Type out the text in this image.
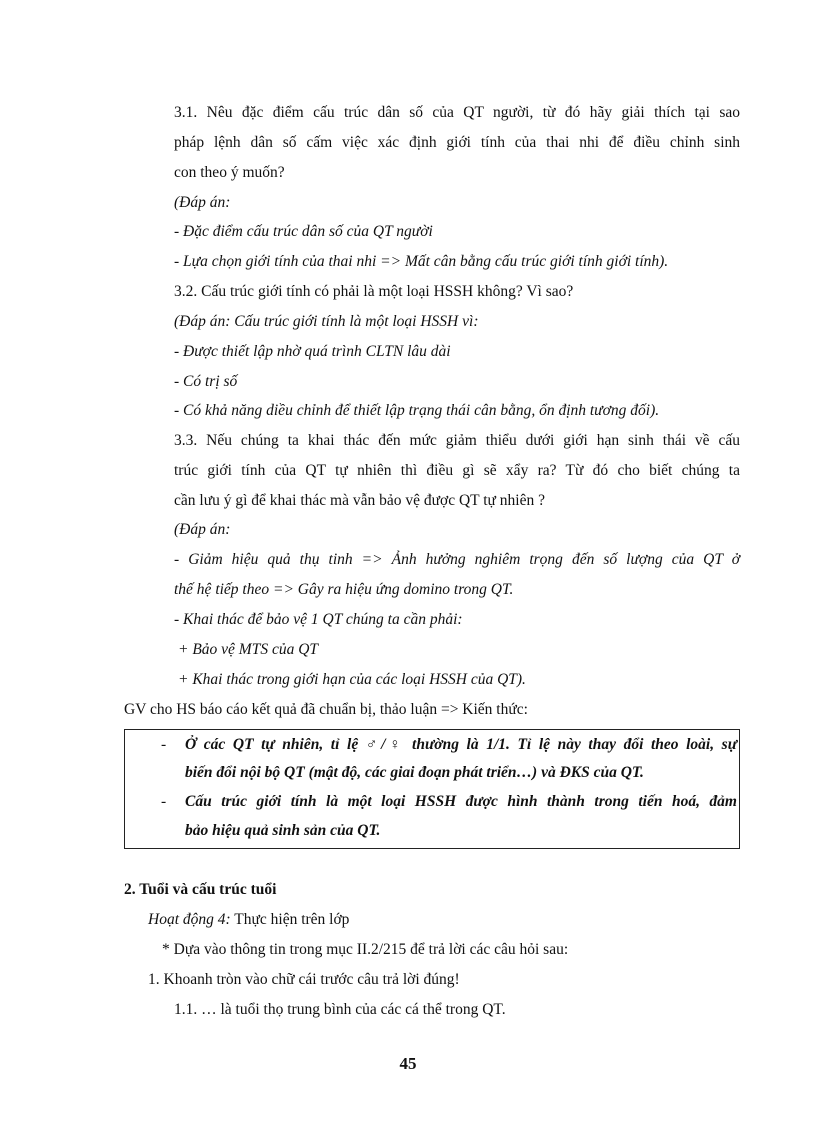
3.1. Nêu đặc điểm cấu trúc dân số của QT người, từ đó hãy giải thích tại sao
pháp lệnh dân số cấm việc xác định giới tính của thai nhi để điều chỉnh sinh
con theo ý muốn?
(Đáp án:
- Đặc điểm cấu trúc dân số của QT người
- Lựa chọn giới tính của thai nhi => Mất cân bằng cấu trúc giới tính giới tính).
3.2. Cấu trúc giới tính có phải là một loại HSSH không? Vì sao?
(Đáp án: Cấu trúc giới tính là một loại HSSH vì:
- Được thiết lập nhờ quá trình CLTN lâu dài
- Có trị số
- Có khả năng diều chỉnh để thiết lập trạng thái cân bằng, ổn định tương đối).
3.3. Nếu chúng ta khai thác đến mức giảm thiểu dưới giới hạn sinh thái về cấu
trúc giới tính của QT tự nhiên thì điều gì sẽ xẩy ra? Từ đó cho biết chúng ta
cần lưu ý gì để khai thác mà vẫn bảo vệ được QT tự nhiên ?
(Đáp án:
- Giảm hiệu quả thụ tinh => Ảnh hưởng nghiêm trọng đến số lượng của QT ở
thế hệ tiếp theo => Gây ra hiệu ứng domino trong QT.
- Khai thác để bảo vệ 1 QT chúng ta cần phải:
+ Bảo vệ MTS của QT
+ Khai thác trong giới hạn của các loại HSSH của QT).
GV cho HS báo cáo kết quả đã chuẩn bị, thảo luận => Kiến thức:
- Ở các QT tự nhiên, tỉ lệ ♂/♀ thường là 1/1. Tỉ lệ này thay đổi theo loài, sự
biến đổi nội bộ QT (mật độ, các giai đoạn phát triển…) và ĐKS của QT.
- Cấu trúc giới tính là một loại HSSH được hình thành trong tiến hoá, đảm
bảo hiệu quả sinh sản của QT.
2. Tuổi và cấu trúc tuổi
Hoạt động 4: Thực hiện trên lớp
* Dựa vào thông tin trong mục II.2/215 để trả lời các câu hỏi sau:
1. Khoanh tròn vào chữ cái trước câu trả lời đúng!
1.1. … là tuổi thọ trung bình của các cá thể trong QT.
45
